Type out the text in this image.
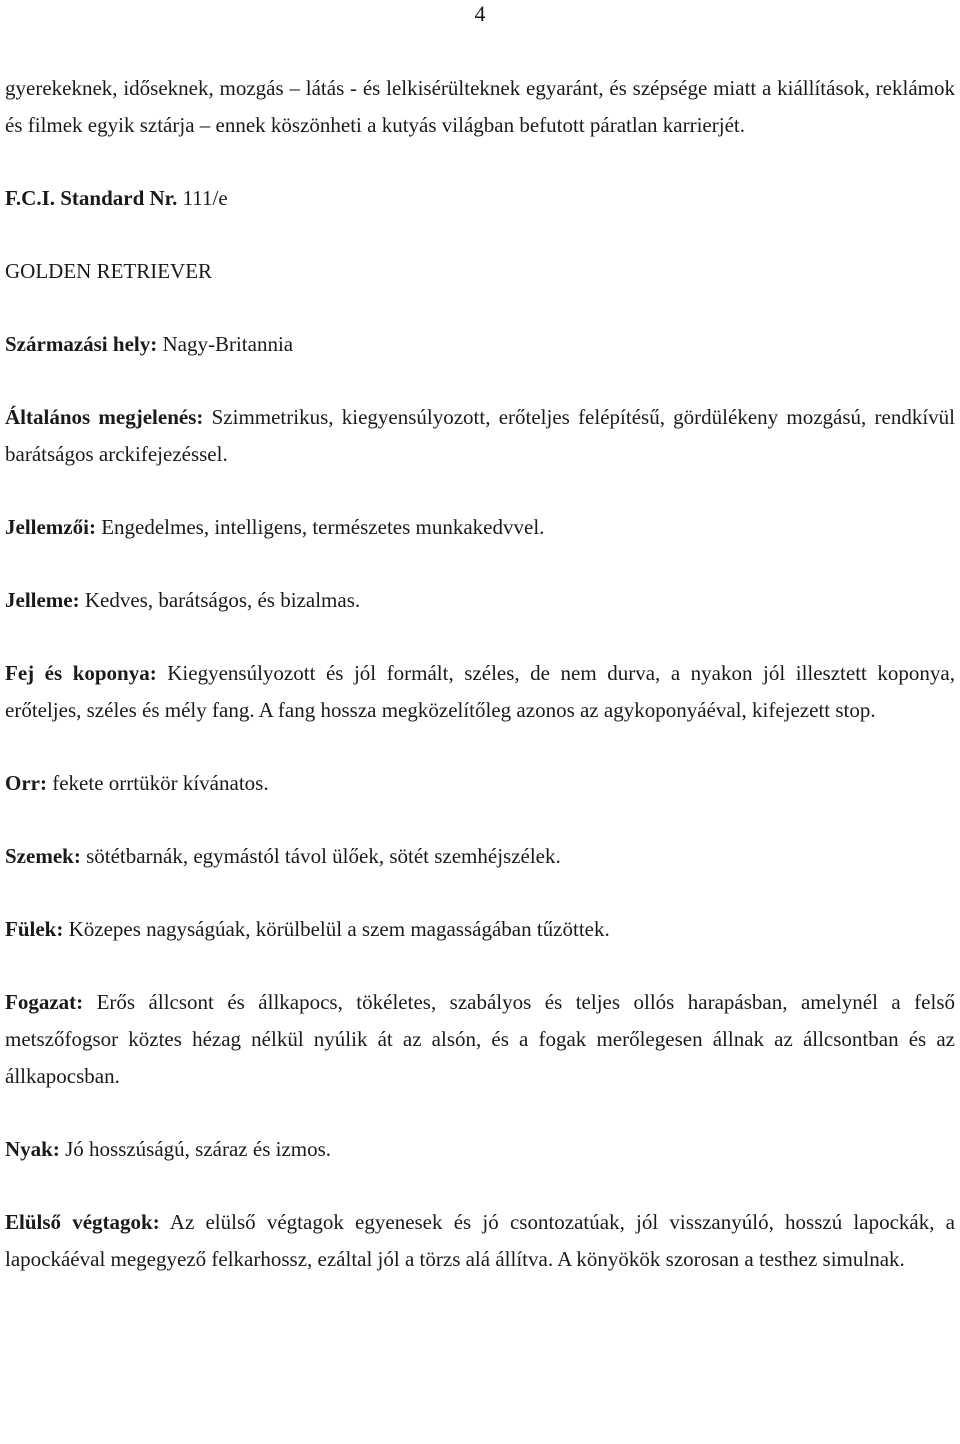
4

gyerekeknek, időseknek, mozgás – látás - és lelkisérülteknek egyaránt, és szépsége miatt a kiállítások, reklámok és filmek egyik sztárja – ennek köszönheti a kutyás világban befutott páratlan karrierjét.

F.C.I. Standard Nr. 111/e

GOLDEN RETRIEVER

Származási hely: Nagy-Britannia

Általános megjelenés: Szimmetrikus, kiegyensúlyozott, erőteljes felépítésű, gördülékeny mozgású, rendkívül barátságos arckifejezéssel.

Jellemzői: Engedelmes, intelligens, természetes munkakedvvel.

Jelleme: Kedves, barátságos, és bizalmas.

Fej és koponya: Kiegyensúlyozott és jól formált, széles, de nem durva, a nyakon jól illesztett koponya, erőteljes, széles és mély fang. A fang hossza megközelítőleg azonos az agykoponyáéval, kifejezett stop.

Orr: fekete orrtükör kívánatos.

Szemek: sötétbarnák, egymástól távol ülőek, sötét szemhéjszélek.

Fülek: Közepes nagyságúak, körülbelül a szem magasságában tűzöttek.

Fogazat: Erős állcsont és állkapocs, tökéletes, szabályos és teljes ollós harapásban, amelynél a felső metszőfogsor köztes hézag nélkül nyúlik át az alsón, és a fogak merőlegesen állnak az állcsontban és az állkapocsban.

Nyak: Jó hosszúságú, száraz és izmos.

Elülső végtagok: Az elülső végtagok egyenesek és jó csontozatúak, jól visszanyúló, hosszú lapockák, a lapockáéval megegyező felkarhossz, ezáltal jól a törzs alá állítva. A könyökök szorosan a testhez simulnak.
